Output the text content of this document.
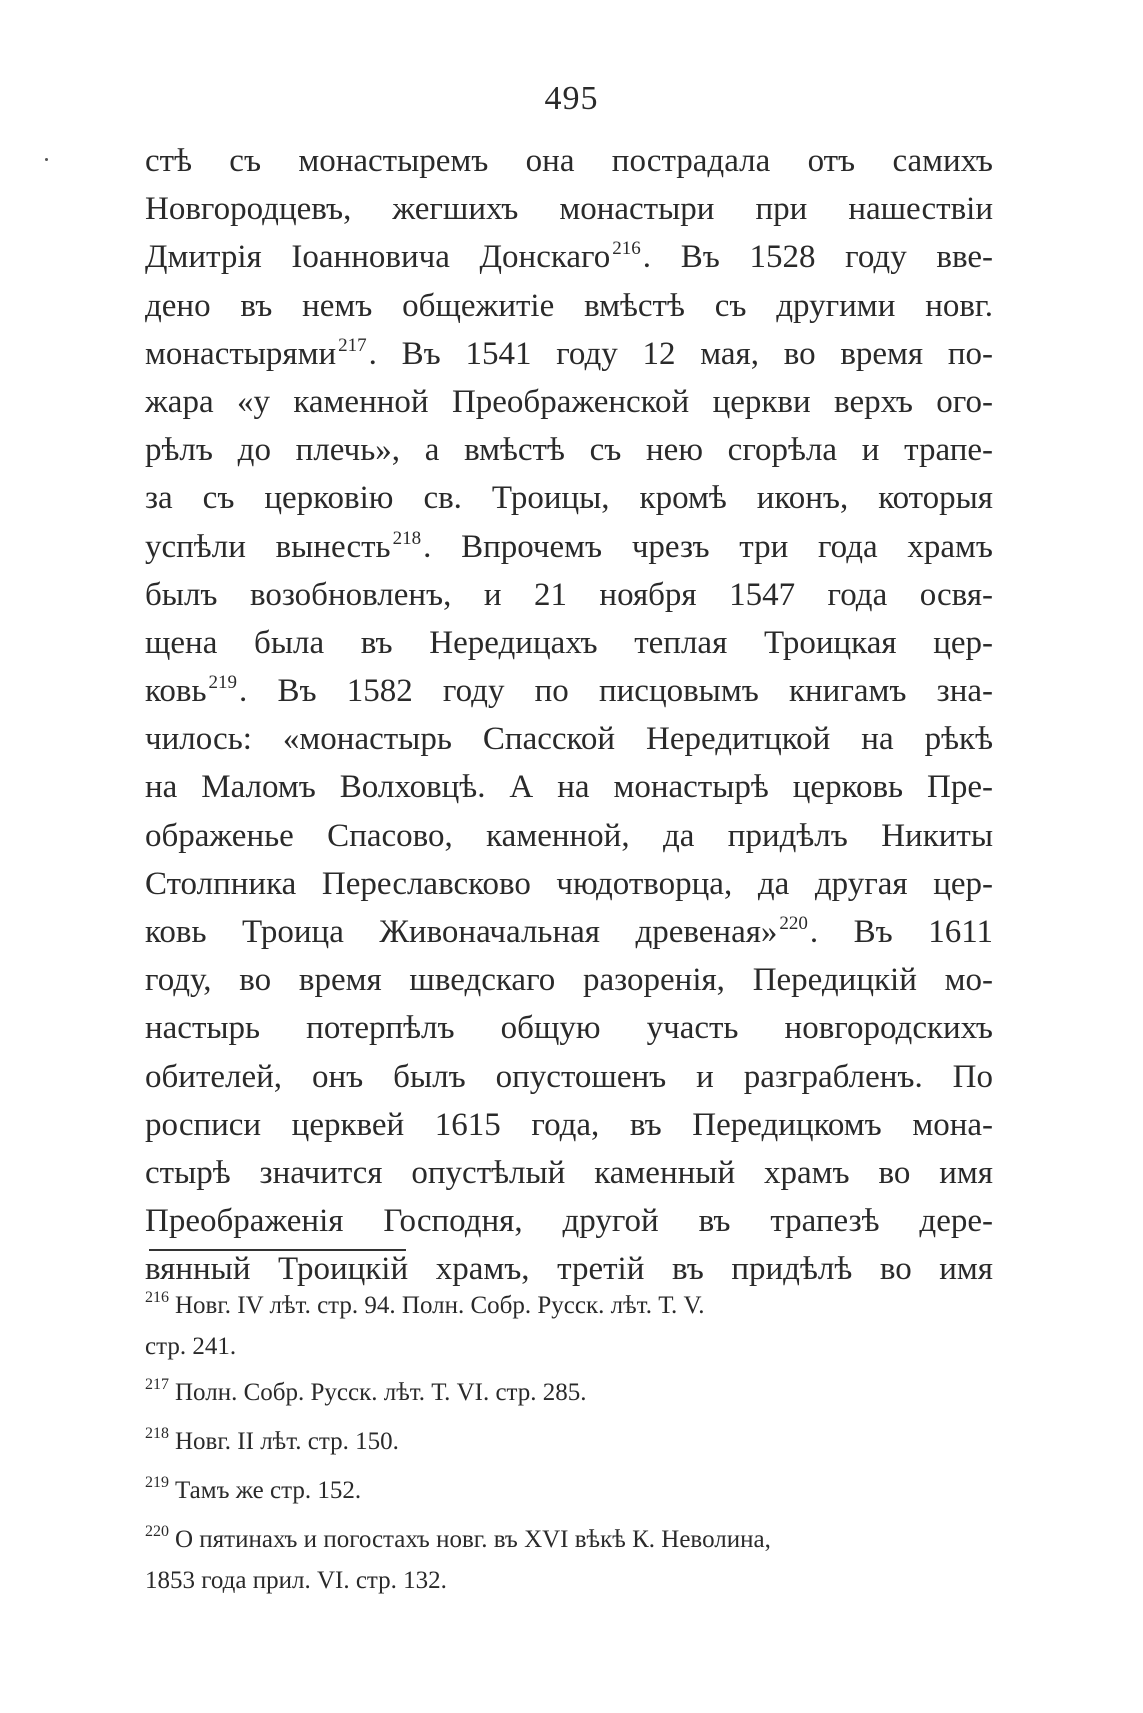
495
стѣ съ монастыремъ она пострадала отъ самихъ
Новгородцевъ, жегшихъ монастыри при нашествіи
Дмитрія Іоанновича Донскаго $^{216}$. Въ 1528 году вве-
дено въ немъ общежитіе вмѣстѣ съ другими новг.
монастырями $^{217}$. Въ 1541 году 12 мая, во время по-
жара «у каменной Преображенской церкви верхъ ого-
рѣлъ до плечь», а вмѣстѣ съ нею сгорѣла и трапе-
за съ церковію св. Троицы, кромѣ иконъ, которыя
успѣли вынесть $^{218}$. Впрочемъ чрезъ три года храмъ
былъ возобновленъ, и 21 ноября 1547 года освя-
щена была въ Нередицахъ теплая Троицкая цер-
ковь $^{219}$. Въ 1582 году по писцовымъ книгамъ зна-
чилось: «монастырь Спасской Нередитцкой на рѣкѣ
на Маломъ Волховцѣ. А на монастырѣ церковь Пре-
ображенье Спасово, каменной, да придѣлъ Никиты
Столпника Переславсково чюдотворца, да другая цер-
ковь Троица Живоначальная древеная» $^{220}$. Въ 1611
году, во время шведскаго разоренія, Передицкій мо-
настырь потерпѣлъ общую участь новгородскихъ
обителей, онъ былъ опустошенъ и разграбленъ. По
росписи церквей 1615 года, въ Передицкомъ мона-
стырѣ значится опустѣлый каменный храмъ во имя
Преображенія Господня, другой въ трапезѣ дере-
вянный Троицкій храмъ, третій въ придѣлѣ во имя
$^{216}$ Новг. IV лѣт. стр. 94. Полн. Собр. Русск. лѣт. Т. V.
стр. 241.
$^{217}$ Полн. Собр. Русск. лѣт. Т. VI. стр. 285.
$^{218}$ Новг. II лѣт. стр. 150.
$^{219}$ Тамъ же стр. 152.
$^{220}$ О пятинахъ и погостахъ новг. въ XVI вѣкѣ К. Неволина,
1853 года прил. VI. стр. 132.
